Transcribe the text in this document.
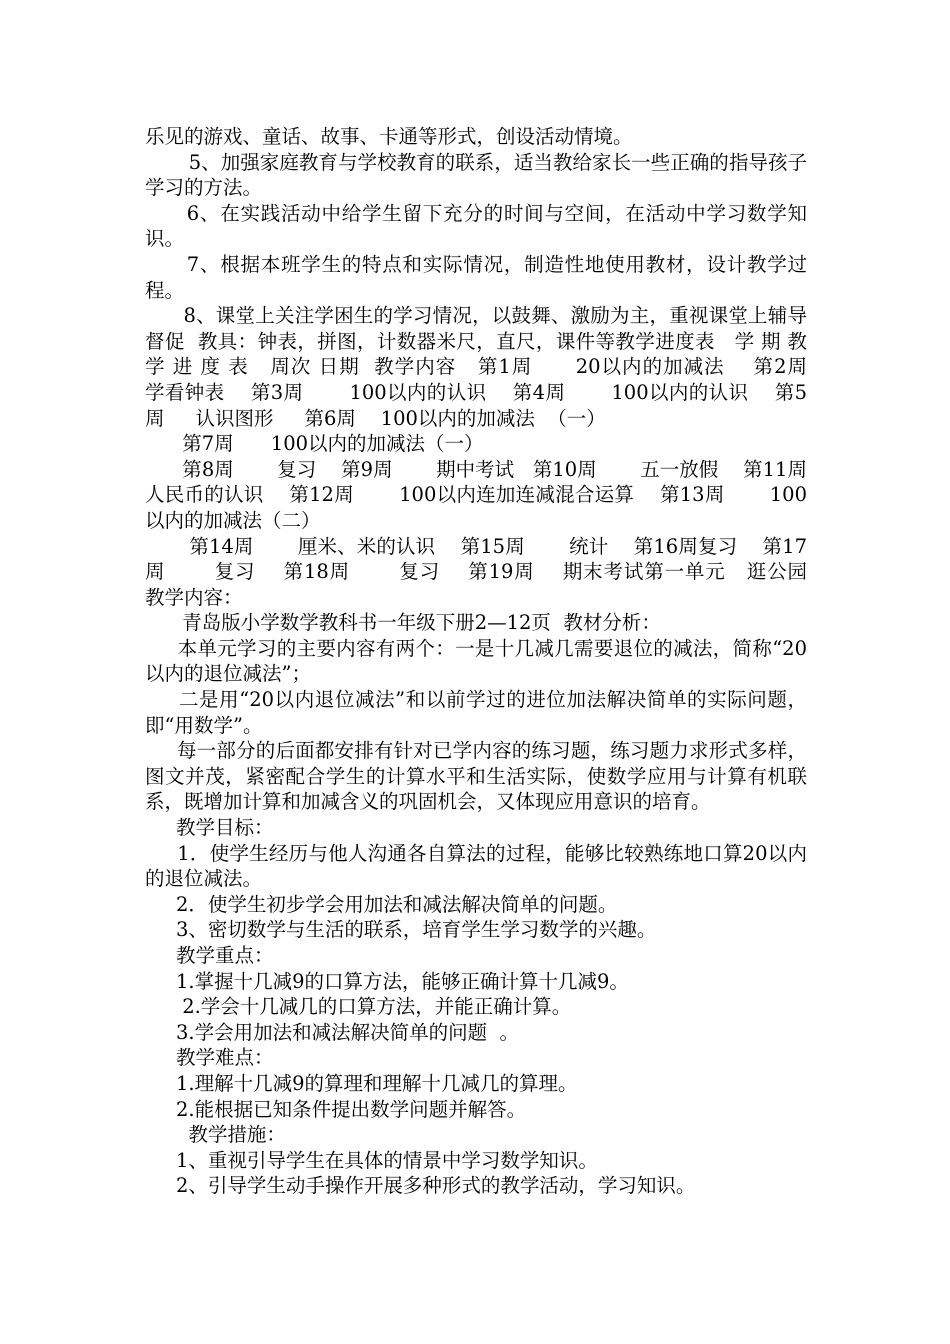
乐见的游戏、童话、故事、卡通等形式，创设活动情境。

5、加强家庭教育与学校教育的联系，适当教给家长一些正确的指导孩子学习的方法。

6、在实践活动中给学生留下充分的时间与空间，在活动中学习数学知识。

7、根据本班学生的特点和实际情况，制造性地使用教材，设计教学过程。

8、课堂上关注学困生的学习情况，以鼓舞、激励为主，重视课堂上辅导督促  教具：钟表，拼图，计数器米尺，直尺，课件等教学进度表   学 期 教 学 进 度 表   周次 日期  教学内容   第1周      20以内的加减法    第2周       学看钟表    第3周       100以内的认识    第4周       100以内的认识    第5周     认识图形     第6周    100以内的加减法  （一）

第7周      100以内的加减法（一）

第8周       复习    第9周       期中考试   第10周       五一放假    第11周       人民币的认识    第12周       100以内连加连减混合运算    第13周       100以内的加减法（二）

第14周       厘米、米的认识    第15周       统计    第16周复习    第17周       复习    第18周       复习    第19周    期末考试第一单元   逛公园       教学内容：

青岛版小学数学教科书一年级下册2—12页  教材分析：

本单元学习的主要内容有两个：一是十几减几需要退位的减法，简称“20以内的退位减法”；

二是用“20以内退位减法”和以前学过的进位加法解决简单的实际问题，即“用数学”。

每一部分的后面都安排有针对已学内容的练习题，练习题力求形式多样，图文并茂，紧密配合学生的计算水平和生活实际，使数学应用与计算有机联系，既增加计算和加减含义的巩固机会，又体现应用意识的培育。

教学目标：

1．使学生经历与他人沟通各自算法的过程，能够比较熟练地口算20以内的退位减法。

2．使学生初步学会用加法和减法解决简单的问题。

3、密切数学与生活的联系，培育学生学习数学的兴趣。

教学重点：

1.掌握十几减9的口算方法，能够正确计算十几减9。

2.学会十几减几的口算方法，并能正确计算。

3.学会用加法和减法解决简单的问题  。

教学难点：

1.理解十几减9的算理和理解十几减几的算理。

2.能根据已知条件提出数学问题并解答。

教学措施：

1、重视引导学生在具体的情景中学习数学知识。

2、引导学生动手操作开展多种形式的教学活动，学习知识。
